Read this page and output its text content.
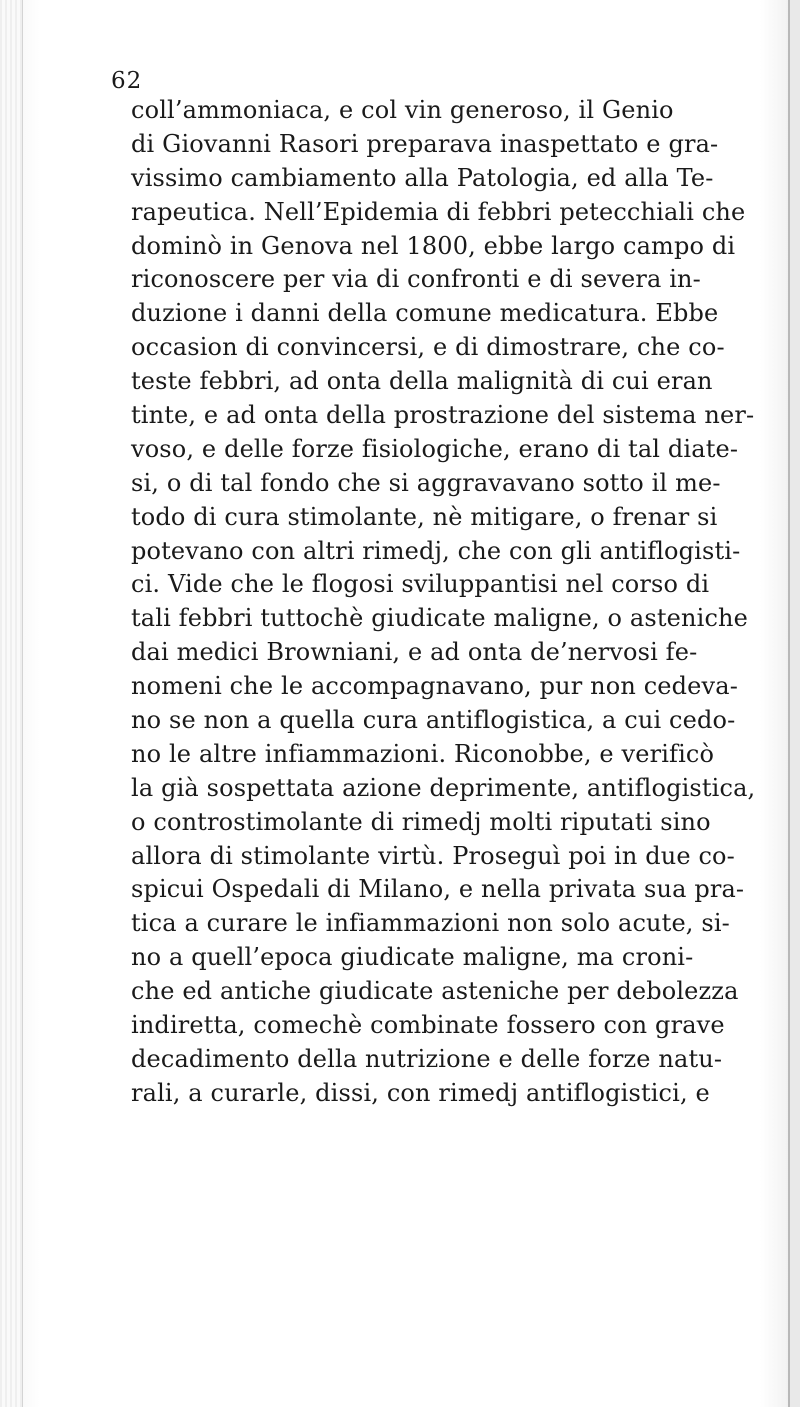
62
coll’ammoniaca, e col vin generoso, il Genio
di Giovanni Rasori preparava inaspettato e gra-
vissimo cambiamento alla Patologia, ed alla Te-
rapeutica. Nell’Epidemia di febbri petecchiali che
dominò in Genova nel 1800, ebbe largo campo di
riconoscere per via di confronti e di severa in-
duzione i danni della comune medicatura. Ebbe
occasion di convincersi, e di dimostrare, che co-
teste febbri, ad onta della malignità di cui eran
tinte, e ad onta della prostrazione del sistema ner-
voso, e delle forze fisiologiche, erano di tal diate-
si, o di tal fondo che si aggravavano sotto il me-
todo di cura stimolante, nè mitigare, o frenar si
potevano con altri rimedj, che con gli antiflogisti-
ci. Vide che le flogosi sviluppantisi nel corso di
tali febbri tuttochè giudicate maligne, o asteniche
dai medici Browniani, e ad onta de’nervosi fe-
nomeni che le accompagnavano, pur non cedeva-
no se non a quella cura antiflogistica, a cui cedo-
no le altre infiammazioni. Riconobbe, e verificò
la già sospettata azione deprimente, antiflogistica,
o controstimolante di rimedj molti riputati sino
allora di stimolante virtù. Proseguì poi in due co-
spicui Ospedali di Milano, e nella privata sua pra-
tica a curare le infiammazioni non solo acute, si-
no a quell’epoca giudicate maligne, ma croni-
che ed antiche giudicate asteniche per debolezza
indiretta, comechè combinate fossero con grave
decadimento della nutrizione e delle forze natu-
rali, a curarle, dissi, con rimedj antiflogistici, e
